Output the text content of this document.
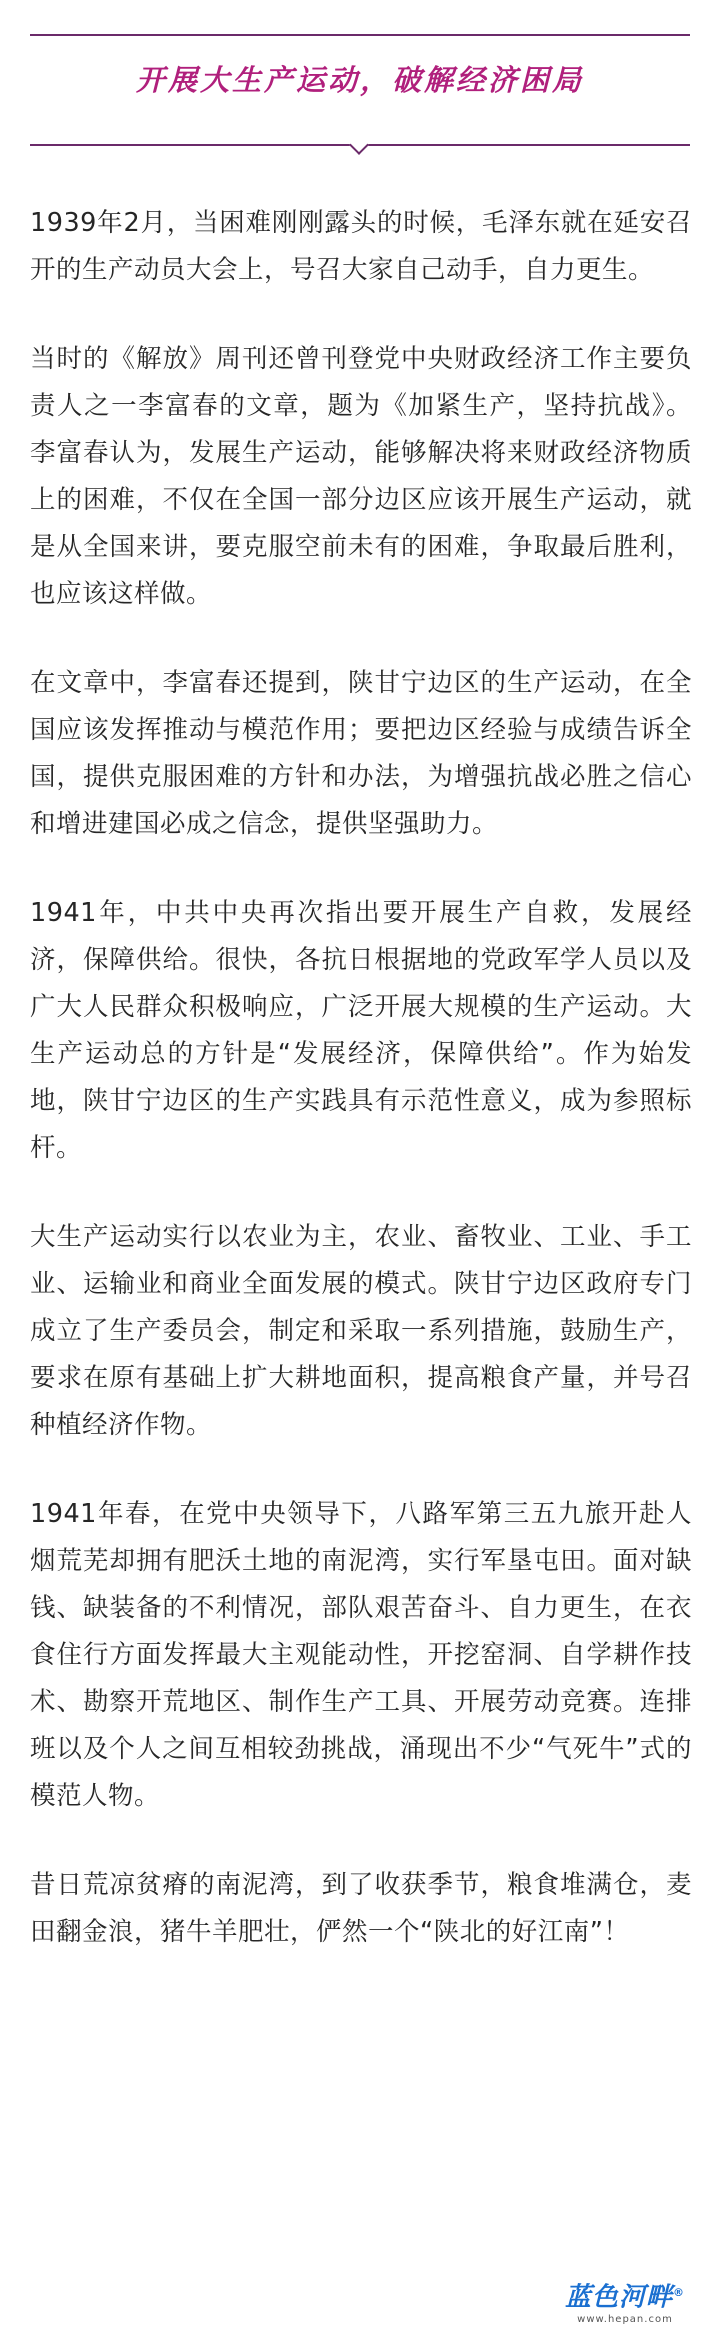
开展大生产运动，破解经济困局

1939年2月，当困难刚刚露头的时候，毛泽东就在延安召开的生产动员大会上，号召大家自己动手，自力更生。

当时的《解放》周刊还曾刊登党中央财政经济工作主要负责人之一李富春的文章，题为《加紧生产，坚持抗战》。李富春认为，发展生产运动，能够解决将来财政经济物质上的困难，不仅在全国一部分边区应该开展生产运动，就是从全国来讲，要克服空前未有的困难，争取最后胜利，也应该这样做。

在文章中，李富春还提到，陕甘宁边区的生产运动，在全国应该发挥推动与模范作用；要把边区经验与成绩告诉全国，提供克服困难的方针和办法，为增强抗战必胜之信心和增进建国必成之信念，提供坚强助力。

1941年，中共中央再次指出要开展生产自救，发展经济，保障供给。很快，各抗日根据地的党政军学人员以及广大人民群众积极响应，广泛开展大规模的生产运动。大生产运动总的方针是“发展经济，保障供给”。作为始发地，陕甘宁边区的生产实践具有示范性意义，成为参照标杆。

大生产运动实行以农业为主，农业、畜牧业、工业、手工业、运输业和商业全面发展的模式。陕甘宁边区政府专门成立了生产委员会，制定和采取一系列措施，鼓励生产，要求在原有基础上扩大耕地面积，提高粮食产量，并号召种植经济作物。

1941年春，在党中央领导下，八路军第三五九旅开赴人烟荒芜却拥有肥沃土地的南泥湾，实行军垦屯田。面对缺钱、缺装备的不利情况，部队艰苦奋斗、自力更生，在衣食住行方面发挥最大主观能动性，开挖窑洞、自学耕作技术、勘察开荒地区、制作生产工具、开展劳动竞赛。连排班以及个人之间互相较劲挑战，涌现出不少“气死牛”式的模范人物。

昔日荒凉贫瘠的南泥湾，到了收获季节，粮食堆满仓，麦田翻金浪，猪牛羊肥壮，俨然一个“陕北的好江南”！

蓝色河畔®
www.hepan.com
